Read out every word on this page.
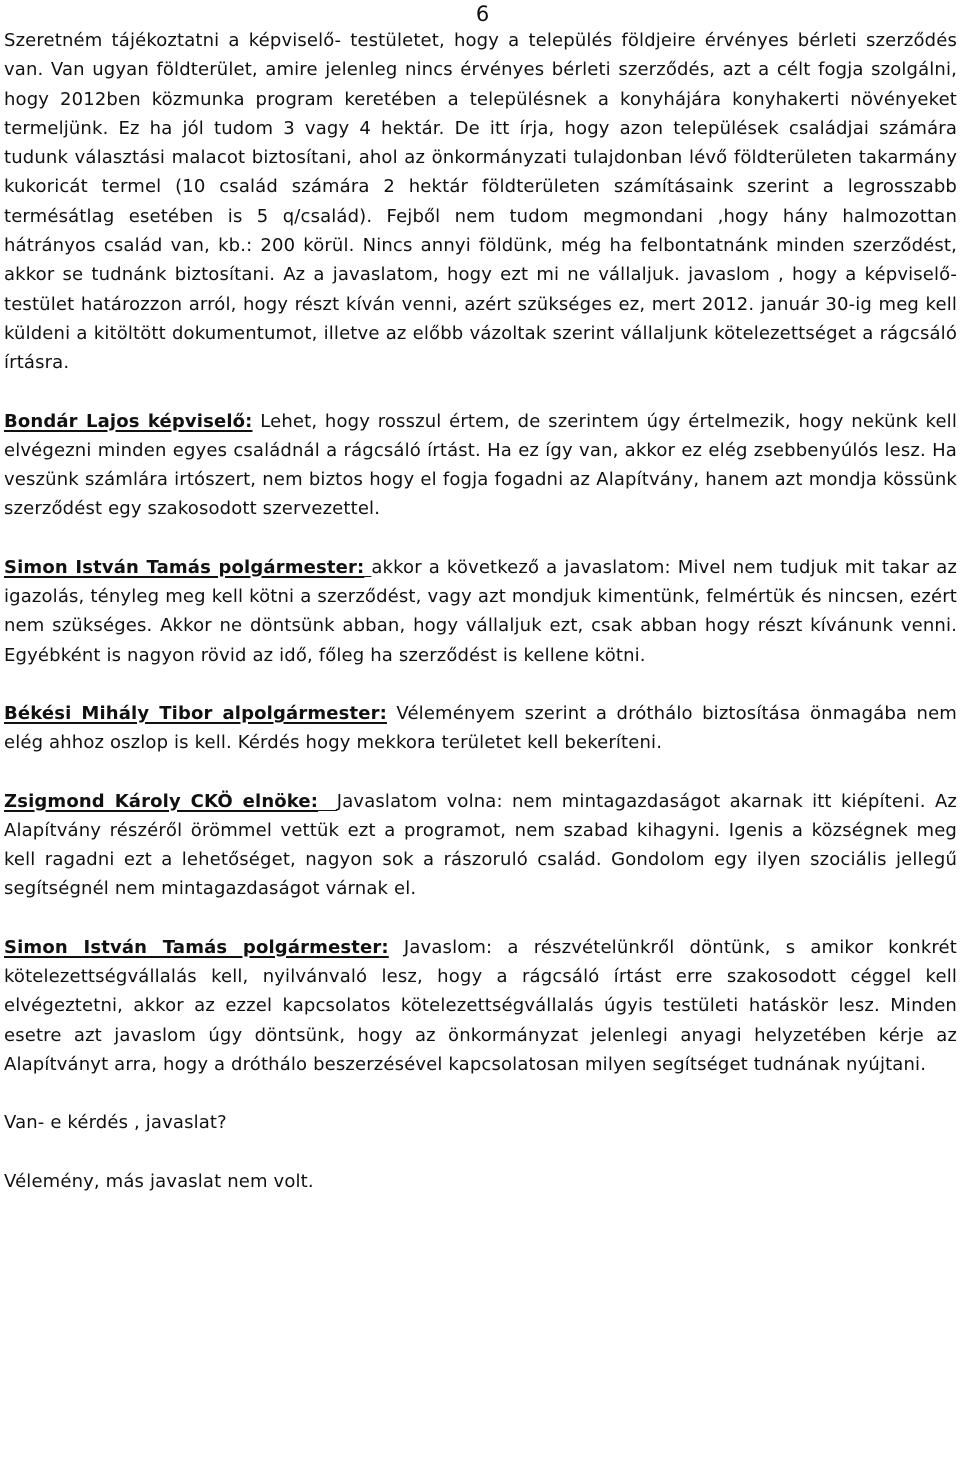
6

Szeretném tájékoztatni a képviselő- testületet, hogy a település földjeire érvényes bérleti szerződés van. Van ugyan földterület, amire jelenleg nincs érvényes bérleti szerződés, azt a célt fogja szolgálni, hogy 2012ben közmunka program keretében a településnek a konyhájára konyhakerti növényeket termeljünk. Ez ha jól tudom 3 vagy 4 hektár. De itt írja, hogy azon települések családjai számára tudunk választási malacot biztosítani, ahol az önkormányzati tulajdonban lévő földterületen takarmány kukoricát termel (10 család számára 2 hektár földterületen számításaink szerint a legrosszabb termésátlag esetében is 5 q/család). Fejből nem tudom megmondani ,hogy hány halmozottan hátrányos család van, kb.: 200 körül. Nincs annyi földünk, még ha felbontatnánk minden szerződést, akkor se tudnánk biztosítani. Az a javaslatom, hogy ezt mi ne vállaljuk. javaslom , hogy a képviselő-testület határozzon arról, hogy részt kíván venni, azért szükséges ez, mert 2012. január 30-ig meg kell küldeni a kitöltött dokumentumot, illetve az előbb vázoltak szerint vállaljunk kötelezettséget a rágcsáló írtásra.

Bondár Lajos képviselő: Lehet, hogy rosszul értem, de szerintem úgy értelmezik, hogy nekünk kell elvégezni minden egyes családnál a rágcsáló írtást. Ha ez így van, akkor ez elég zsebbenyúlós lesz. Ha veszünk számlára irtószert, nem biztos hogy el fogja fogadni az Alapítvány, hanem azt mondja kössünk szerződést egy szakosodott szervezettel.

Simon István Tamás polgármester: akkor a következő a javaslatom: Mivel nem tudjuk mit takar az igazolás, tényleg meg kell kötni a szerződést, vagy azt mondjuk kimentünk, felmértük és nincsen, ezért nem szükséges. Akkor ne döntsünk abban, hogy vállaljuk ezt, csak abban hogy részt kívánunk venni. Egyébként is nagyon rövid az idő, főleg ha szerződést is kellene kötni.

Békési Mihály Tibor alpolgármester: Véleményem szerint a dróthálo biztosítása önmagába nem elég ahhoz oszlop is kell. Kérdés hogy mekkora területet kell bekeríteni.

Zsigmond Károly CKÖ elnöke: Javaslatom volna: nem mintagazdaságot akarnak itt kiépíteni. Az Alapítvány részéről örömmel vettük ezt a programot, nem szabad kihagyni. Igenis a községnek meg kell ragadni ezt a lehetőséget, nagyon sok a rászoruló család. Gondolom egy ilyen szociális jellegű segítségnél nem mintagazdaságot várnak el.

Simon István Tamás polgármester: Javaslom: a részvételünkről döntünk, s amikor konkrét kötelezettségvállalás kell, nyilvánvaló lesz, hogy a rágcsáló írtást erre szakosodott céggel kell elvégeztetni, akkor az ezzel kapcsolatos kötelezettségvállalás úgyis testületi hatáskör lesz. Minden esetre azt javaslom úgy döntsünk, hogy az önkormányzat jelenlegi anyagi helyzetében kérje az Alapítványt arra, hogy a dróthálo beszerzésével kapcsolatosan milyen segítséget tudnának nyújtani.

Van- e kérdés , javaslat?

Vélemény, más javaslat nem volt.
